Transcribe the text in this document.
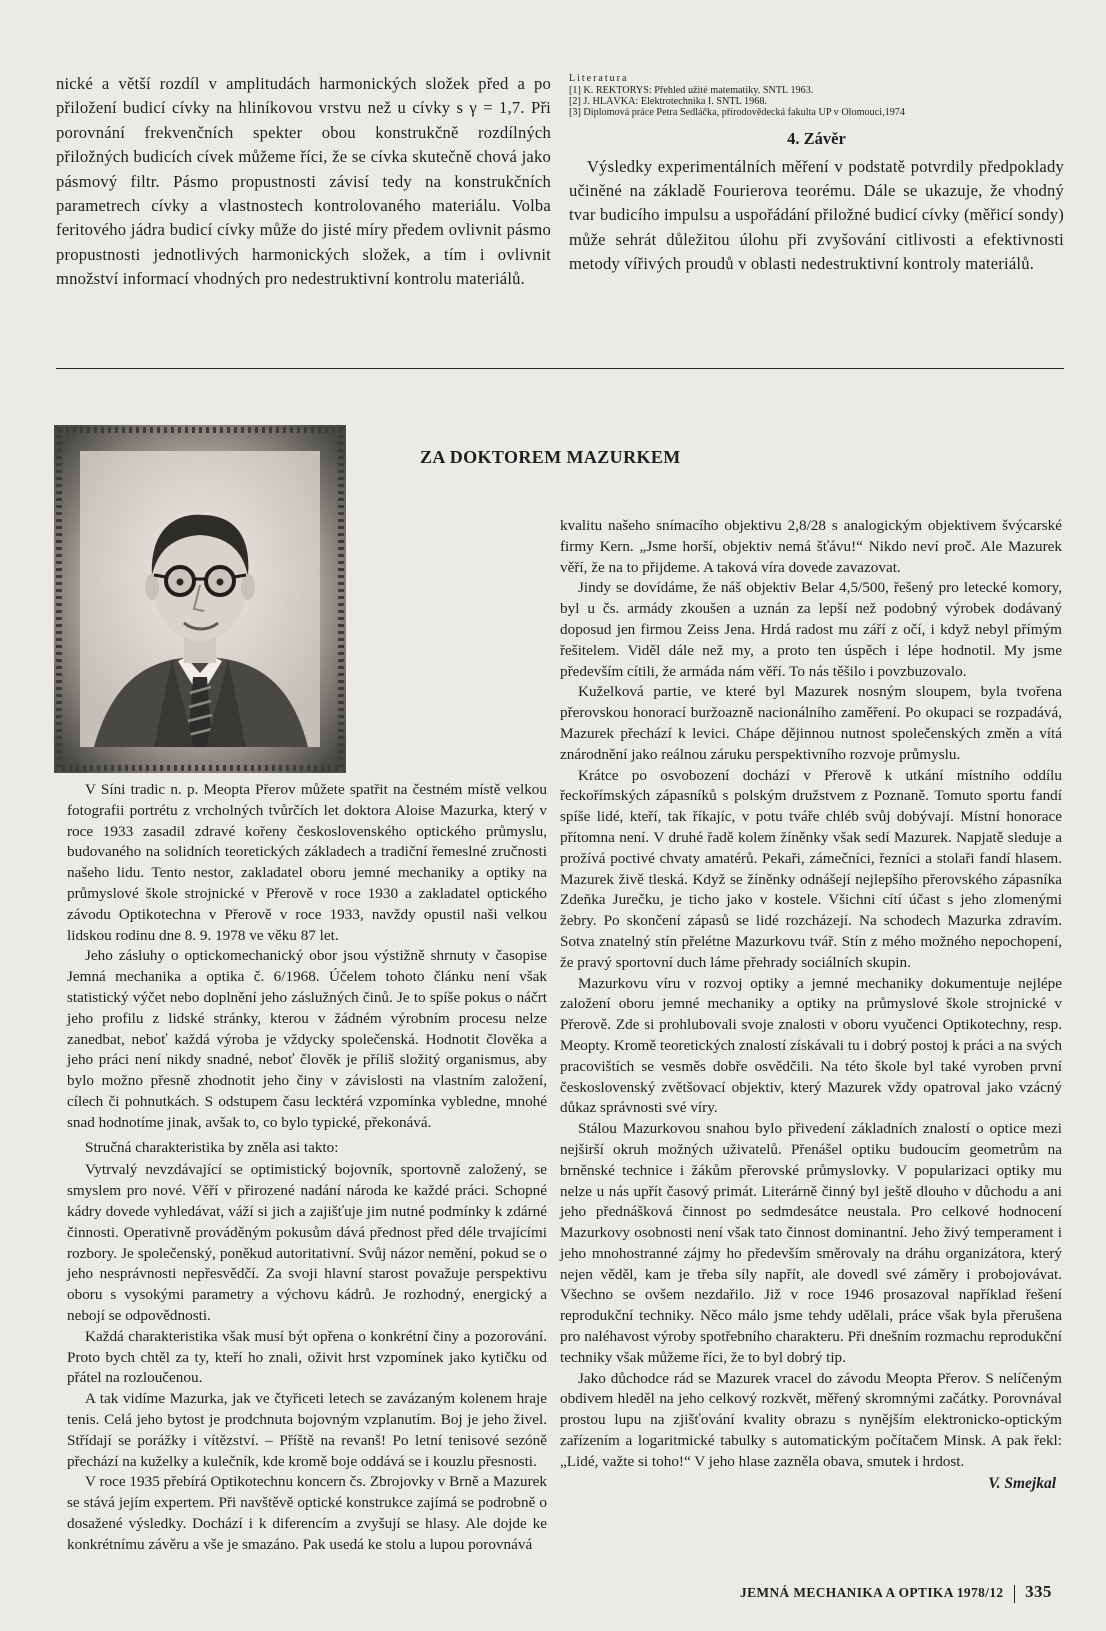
nické a větší rozdíl v amplitudách harmonických složek před a po přiložení budicí cívky na hliníkovou vrstvu než u cívky s γ = 1,7. Při porovnání frekvenčních spekter obou konstrukčně rozdílných přiložných budicích cívek můžeme říci, že se cívka skutečně chová jako pásmový filtr. Pásmo propustnosti závisí tedy na konstrukčních parametrech cívky a vlastnostech kontrolovaného materiálu. Volba feritového jádra budicí cívky může do jisté míry předem ovlivnit pásmo propustnosti jednotlivých harmonických složek, a tím i ovlivnit množství informací vhodných pro nedestruktivní kontrolu materiálů.

Literatura

[1] K. REKTORYS: Přehled užité matematiky. SNTL 1963.

[2] J. HLÁVKA: Elektrotechnika I. SNTL 1968.

[3] Diplomová práce Petra Sedláčka, přírodovědecká fakulta UP v Olomouci,1974

4. Závěr

Výsledky experimentálních měření v podstatě potvrdily předpoklady učiněné na základě Fourierova teorému. Dále se ukazuje, že vhodný tvar budicího impulsu a uspořádání přiložné budicí cívky (měřicí sondy) může sehrát důležitou úlohu při zvyšování citlivosti a efektivnosti metody vířivých proudů v oblasti nedestruktivní kontroly materiálů.

ZA DOKTOREM MAZURKEM

V Síni tradic n. p. Meopta Přerov můžete spatřit na čestném místě velkou fotografii portrétu z vrcholných tvůrčích let doktora Aloise Mazurka, který v roce 1933 zasadil zdravé kořeny československého optického průmyslu, budovaného na solidních teoretických základech a tradiční řemeslné zručnosti našeho lidu. Tento nestor, zakladatel oboru jemné mechaniky a optiky na průmyslové škole strojnické v Přerově v roce 1930 a zakladatel optického závodu Optikotechna v Přerově v roce 1933, navždy opustil naši velkou lidskou rodinu dne 8. 9. 1978 ve věku 87 let.

Jeho zásluhy o optickomechanický obor jsou výstižně shrnuty v časopise Jemná mechanika a optika č. 6/1968. Účelem tohoto článku není však statistický výčet nebo doplnění jeho záslužných činů. Je to spíše pokus o náčrt jeho profilu z lidské stránky, kterou v žádném výrobním procesu nelze zanedbat, neboť každá výroba je vždycky společenská. Hodnotit člověka a jeho práci není nikdy snadné, neboť člověk je příliš složitý organismus, aby bylo možno přesně zhodnotit jeho činy v závislosti na vlastním založení, cílech či pohnutkách. S odstupem času lecktérá vzpomínka vybledne, mnohé snad hodnotíme jinak, avšak to, co bylo typické, překonává.

Stručná charakteristika by zněla asi takto:

Vytrvalý nevzdávající se optimistický bojovník, sportovně založený, se smyslem pro nové. Věří v přirozené nadání národa ke každé práci. Schopné kádry dovede vyhledávat, váží si jich a zajišťuje jim nutné podmínky k zdárné činnosti. Operativně prováděným pokusům dává přednost před déle trvajícími rozbory. Je společenský, poněkud autoritativní. Svůj názor nemění, pokud se o jeho nesprávnosti nepřesvědčí. Za svoji hlavní starost považuje perspektivu oboru s vysokými parametry a výchovu kádrů. Je rozhodný, energický a nebojí se odpovědnosti.

Každá charakteristika však musí být opřena o konkrétní činy a pozorování. Proto bych chtěl za ty, kteří ho znali, oživit hrst vzpomínek jako kytičku od přátel na rozloučenou.

A tak vidíme Mazurka, jak ve čtyřiceti letech se zavázaným kolenem hraje tenis. Celá jeho bytost je prodchnuta bojovným vzplanutím. Boj je jeho živel. Střídají se porážky i vítězství. – Příště na revanš! Po letní tenisové sezóně přechází na kuželky a kulečník, kde kromě boje oddává se i kouzlu přesnosti.

V roce 1935 přebírá Optikotechnu koncern čs. Zbrojovky v Brně a Mazurek se stává jejím expertem. Při navštěvě optické konstrukce zajímá se podrobně o dosažené výsledky. Dochází i k diferencím a zvyšují se hlasy. Ale dojde ke konkrétnímu závěru a vše je smazáno. Pak usedá ke stolu a lupou porovnává

kvalitu našeho snímacího objektivu 2,8/28 s analogickým objektivem švýcarské firmy Kern. „Jsme horší, objektiv nemá šťávu!“ Nikdo neví proč. Ale Mazurek věří, že na to přijdeme. A taková víra dovede zavazovat.

Jindy se dovídáme, že náš objektiv Belar 4,5/500, řešený pro letecké komory, byl u čs. armády zkoušen a uznán za lepší než podobný výrobek dodávaný doposud jen firmou Zeiss Jena. Hrdá radost mu září z očí, i když nebyl přímým řešitelem. Viděl dále než my, a proto ten úspěch i lépe hodnotil. My jsme především cítili, že armáda nám věří. To nás těšilo i povzbuzovalo.

Kuželková partie, ve které byl Mazurek nosným sloupem, byla tvořena přerovskou honorací buržoazně nacionálního zaměření. Po okupaci se rozpadává, Mazurek přechází k levici. Chápe dějinnou nutnost společenských změn a vítá znárodnění jako reálnou záruku perspektivního rozvoje průmyslu.

Krátce po osvobození dochází v Přerově k utkání místního oddílu řeckořímských zápasníků s polským družstvem z Poznaně. Tomuto sportu fandí spíše lidé, kteří, tak říkajíc, v potu tváře chléb svůj dobývají. Místní honorace přítomna není. V druhé řadě kolem žíněnky však sedí Mazurek. Napjatě sleduje a prožívá poctivé chvaty amatérů. Pekaři, zámečníci, řezníci a stolaři fandí hlasem. Mazurek živě tleská. Když se žíněnky odnášejí nejlepšího přerovského zápasníka Zdeňka Jurečku, je ticho jako v kostele. Všichni cítí účast s jeho zlomenými žebry. Po skončení zápasů se lidé rozcházejí. Na schodech Mazurka zdravím. Sotva znatelný stín přelétne Mazurkovu tvář. Stín z mého možného nepochopení, že pravý sportovní duch láme přehrady sociálních skupin.

Mazurkovu víru v rozvoj optiky a jemné mechaniky dokumentuje nejlépe založení oboru jemné mechaniky a optiky na průmyslové škole strojnické v Přerově. Zde si prohlubovali svoje znalosti v oboru vyučenci Optikotechny, resp. Meopty. Kromě teoretických znalostí získávali tu i dobrý postoj k práci a na svých pracovištích se vesměs dobře osvědčili. Na této škole byl také vyroben první československý zvětšovací objektiv, který Mazurek vždy opatroval jako vzácný důkaz správnosti své víry.

Stálou Mazurkovou snahou bylo přivedení základních znalostí o optice mezi nejširší okruh možných uživatelů. Přenášel optiku budoucím geometrům na brněnské technice i žákům přerovské průmyslovky. V popularizaci optiky mu nelze u nás upřít časový primát. Literárně činný byl ještě dlouho v důchodu a ani jeho přednášková činnost po sedmdesátce neustala. Pro celkové hodnocení Mazurkovy osobnosti není však tato činnost dominantní. Jeho živý temperament i jeho mnohostranné zájmy ho především směrovaly na dráhu organizátora, který nejen věděl, kam je třeba síly napřít, ale dovedl své záměry i probojovávat. Všechno se ovšem nezdařilo. Již v roce 1946 prosazoval například řešení reprodukční techniky. Něco málo jsme tehdy udělali, práce však byla přerušena pro naléhavost výroby spotřebního charakteru. Při dnešním rozmachu reprodukční techniky však můžeme říci, že to byl dobrý tip.

Jako důchodce rád se Mazurek vracel do závodu Meopta Přerov. S nelíčeným obdivem hleděl na jeho celkový rozkvět, měřený skromnými začátky. Porovnával prostou lupu na zjišťování kvality obrazu s nynějším elektronicko-optickým zařízením a logaritmické tabulky s automatickým počítačem Minsk. A pak řekl: „Lidé, važte si toho!“ V jeho hlase zazněla obava, smutek i hrdost.

V. Smejkal
JEMNÁ MECHANIKA A OPTIKA 1978/12 335
